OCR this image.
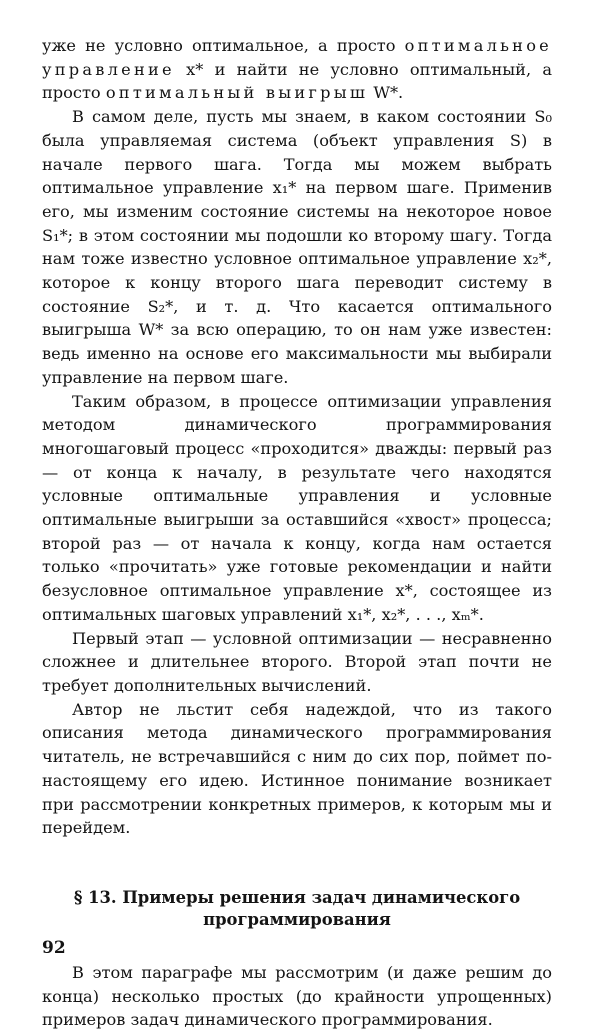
уже не условно оптимальное, а просто оптимальное управление x* и найти не условно оптимальный, а просто оптимальный выигрыш W*.

В самом деле, пусть мы знаем, в каком состоянии S₀ была управляемая система (объект управления S) в начале первого шага. Тогда мы можем выбрать оптимальное управление x₁* на первом шаге. Применив его, мы изменим состояние системы на некоторое новое S₁*; в этом состоянии мы подошли ко второму шагу. Тогда нам тоже известно условное оптимальное управление x₂*, которое к концу второго шага переводит систему в состояние S₂*, и т. д. Что касается оптимального выигрыша W* за всю операцию, то он нам уже известен: ведь именно на основе его максимальности мы выбирали управление на первом шаге.

Таким образом, в процессе оптимизации управления методом динамического программирования многошаговый процесс «проходится» дважды: первый раз — от конца к началу, в результате чего находятся условные оптимальные управления и условные оптимальные выигрыши за оставшийся «хвост» процесса; второй раз — от начала к концу, когда нам остается только «прочитать» уже готовые рекомендации и найти безусловное оптимальное управление x*, состоящее из оптимальных шаговых управлений x₁*, x₂*, . . ., xₘ*.

Первый этап — условной оптимизации — несравненно сложнее и длительнее второго. Второй этап почти не требует дополнительных вычислений.

Автор не льстит себя надеждой, что из такого описания метода динамического программирования читатель, не встречавшийся с ним до сих пор, поймет по-настоящему его идею. Истинное понимание возникает при рассмотрении конкретных примеров, к которым мы и перейдем.

§ 13. Примеры решения задач динамического программирования

В этом параграфе мы рассмотрим (и даже решим до конца) несколько простых (до крайности упрощенных) примеров задач динамического программирования.

92
